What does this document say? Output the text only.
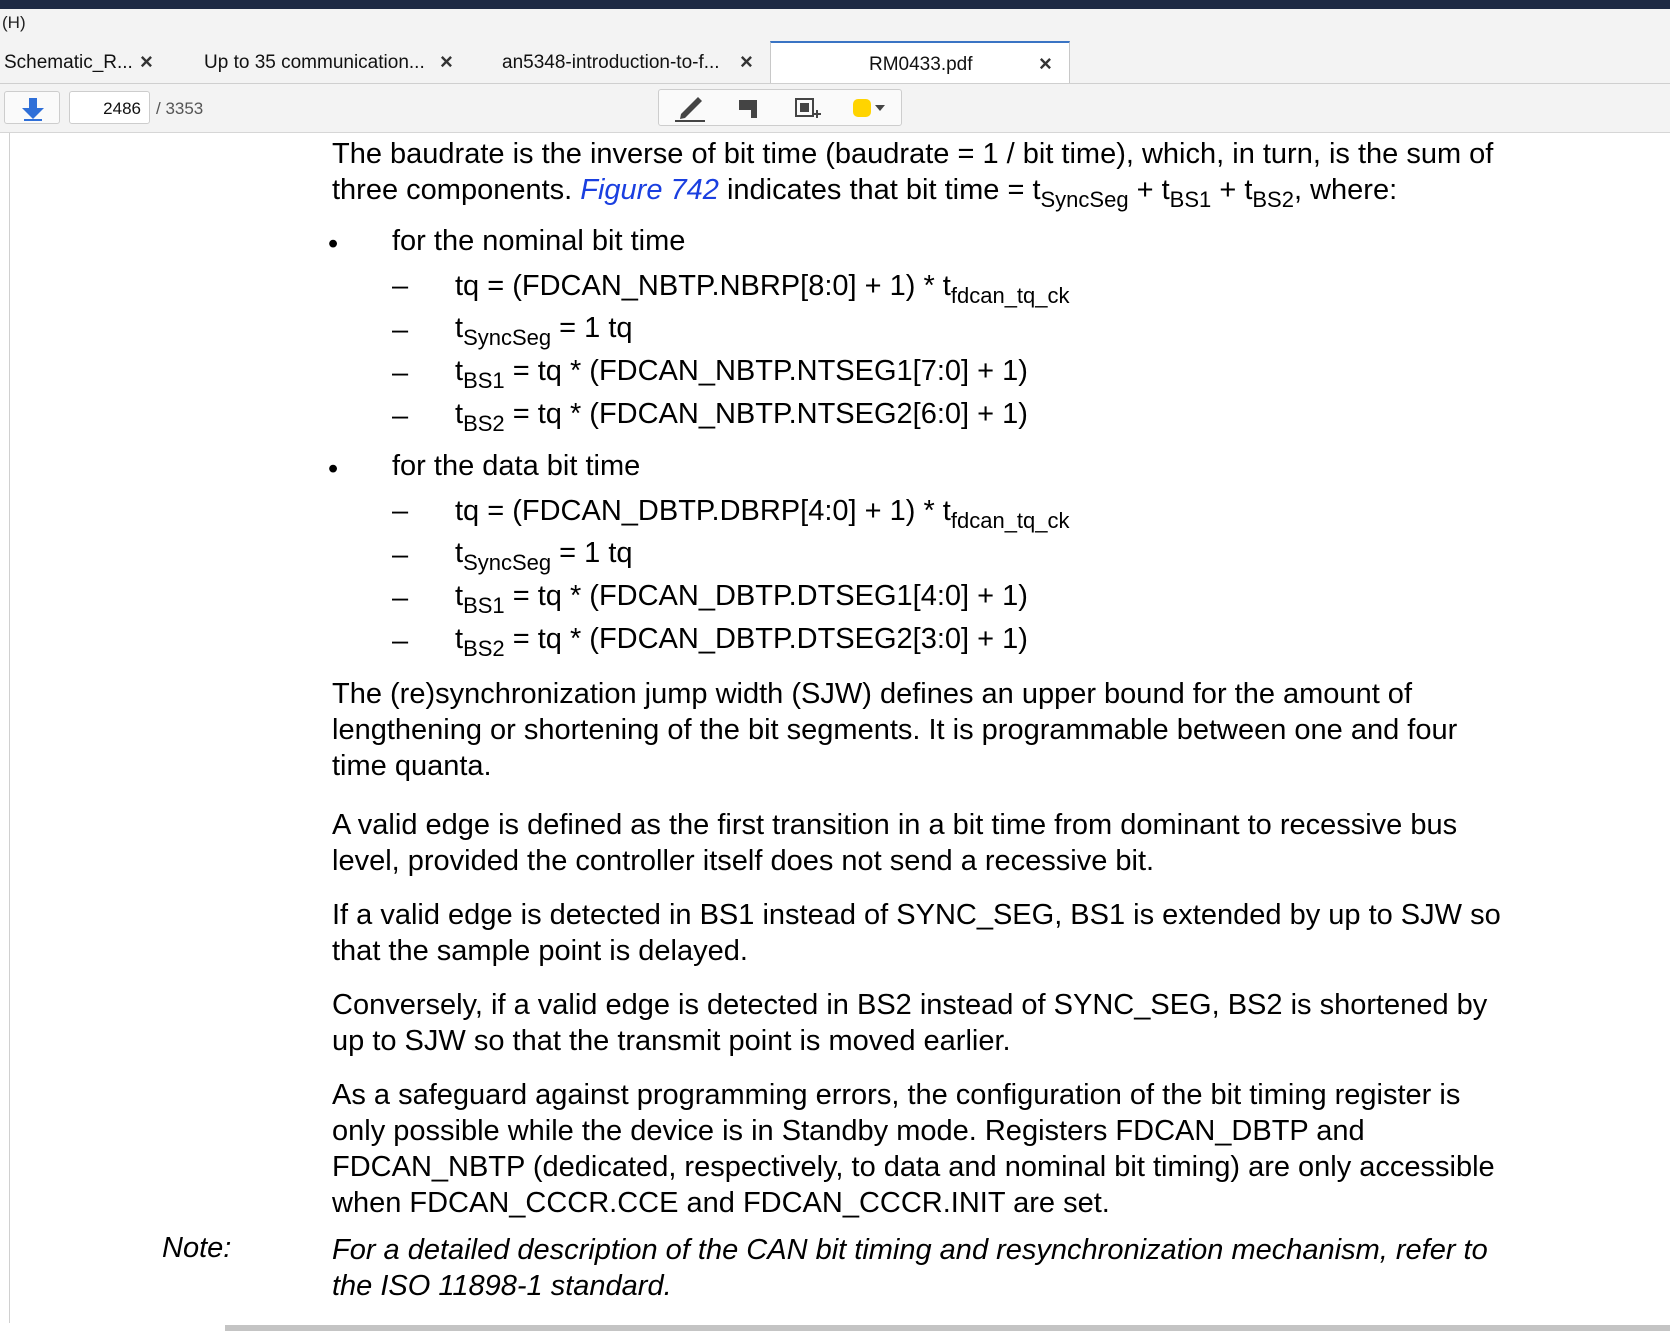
(H)
Schematic_R... ×	Up to 35 communication... ×	an5348-introduction-to-f... ×	RM0433.pdf	×
2486 / 3353
The baudrate is the inverse of bit time (baudrate = 1 / bit time), which, in turn, is the sum of
three components. Figure 742 indicates that bit time = $t_{SyncSeg} + t_{BS1} + t_{BS2}$, where:
• for the nominal bit time
– tq = (FDCAN_NBTP.NBRP[8:0] + $1) * t_{fdcan\_tq\_ck}$
– $t_{SyncSeg} = 1$ tq
– $t_{BS1}$ = tq * (FDCAN_NBTP.NTSEG1[7:0] + 1)
– $t_{BS2}$ = tq * (FDCAN_NBTP.NTSEG2[6:0] + 1)
• for the data bit time
– tq = (FDCAN_DBTP.DBRP[4:0] + $1) * t_{fdcan\_tq\_ck}$
– $t_{SyncSeg} = 1$ tq
– $t_{BS1}$ = tq * (FDCAN_DBTP.DTSEG1[4:0] + 1)
– $t_{BS2}$ = tq * (FDCAN_DBTP.DTSEG2[3:0] + 1)
The (re)synchronization jump width (SJW) defines an upper bound for the amount of
lengthening or shortening of the bit segments. It is programmable between one and four
time quanta.
A valid edge is defined as the first transition in a bit time from dominant to recessive bus
level, provided the controller itself does not send a recessive bit.
If a valid edge is detected in BS1 instead of SYNC_SEG, BS1 is extended by up to SJW so
that the sample point is delayed.
Conversely, if a valid edge is detected in BS2 instead of SYNC_SEG, BS2 is shortened by
up to SJW so that the transmit point is moved earlier.
As a safeguard against programming errors, the configuration of the bit timing register is
only possible while the device is in Standby mode. Registers FDCAN_DBTP and
FDCAN_NBTP (dedicated, respectively, to data and nominal bit timing) are only accessible
when FDCAN_CCCR.CCE and FDCAN_CCCR.INIT are set.
Note:	For a detailed description of the CAN bit timing and resynchronization mechanism, refer to
the ISO 11898-1 standard.
